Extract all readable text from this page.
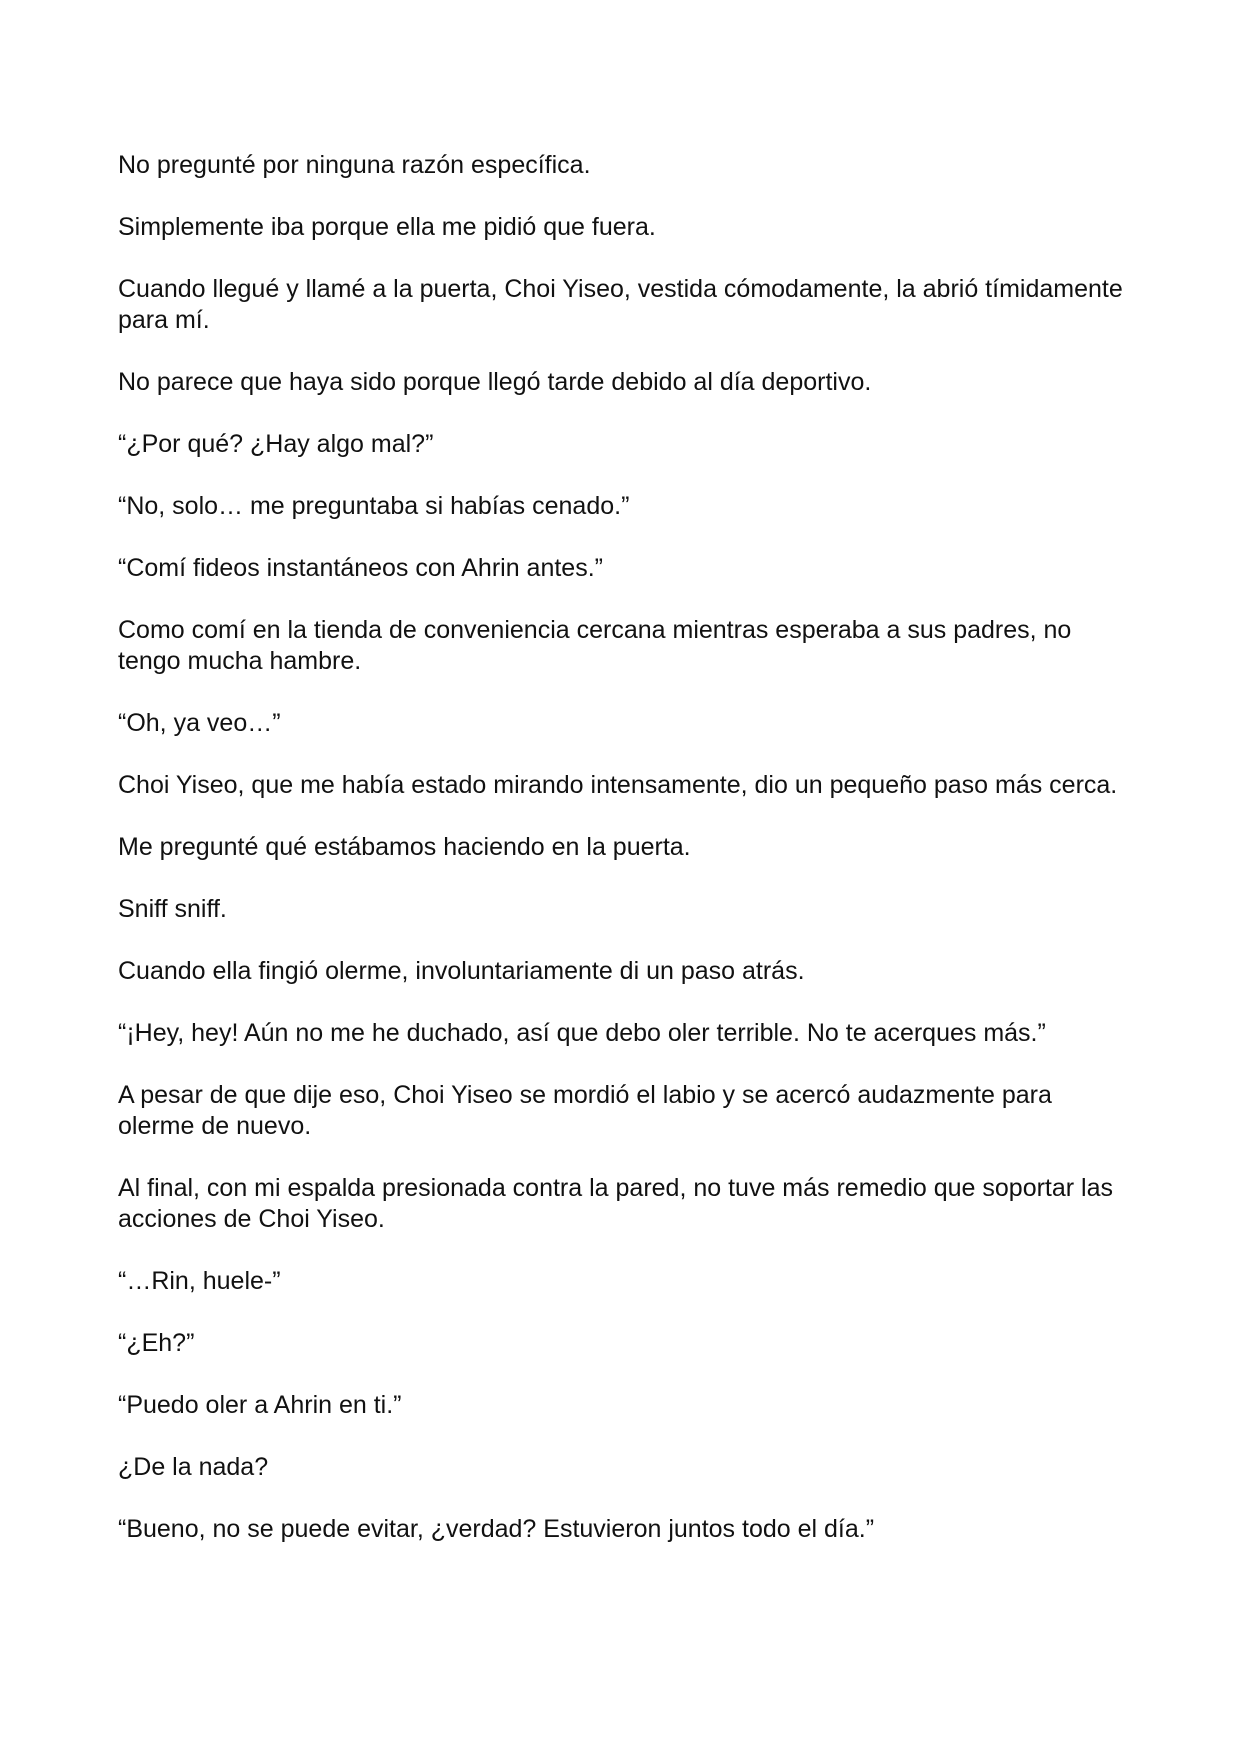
No pregunté por ninguna razón específica.

Simplemente iba porque ella me pidió que fuera.

Cuando llegué y llamé a la puerta, Choi Yiseo, vestida cómodamente, la abrió tímidamente para mí.

No parece que haya sido porque llegó tarde debido al día deportivo.

“¿Por qué? ¿Hay algo mal?”

“No, solo… me preguntaba si habías cenado.”

“Comí fideos instantáneos con Ahrin antes.”

Como comí en la tienda de conveniencia cercana mientras esperaba a sus padres, no tengo mucha hambre.

“Oh, ya veo…”

Choi Yiseo, que me había estado mirando intensamente, dio un pequeño paso más cerca.

Me pregunté qué estábamos haciendo en la puerta.

Sniff sniff.

Cuando ella fingió olerme, involuntariamente di un paso atrás.

“¡Hey, hey! Aún no me he duchado, así que debo oler terrible. No te acerques más.”

A pesar de que dije eso, Choi Yiseo se mordió el labio y se acercó audazmente para olerme de nuevo.

Al final, con mi espalda presionada contra la pared, no tuve más remedio que soportar las acciones de Choi Yiseo.

“…Rin, huele-”

“¿Eh?”

“Puedo oler a Ahrin en ti.”

¿De la nada?

“Bueno, no se puede evitar, ¿verdad? Estuvieron juntos todo el día.”
